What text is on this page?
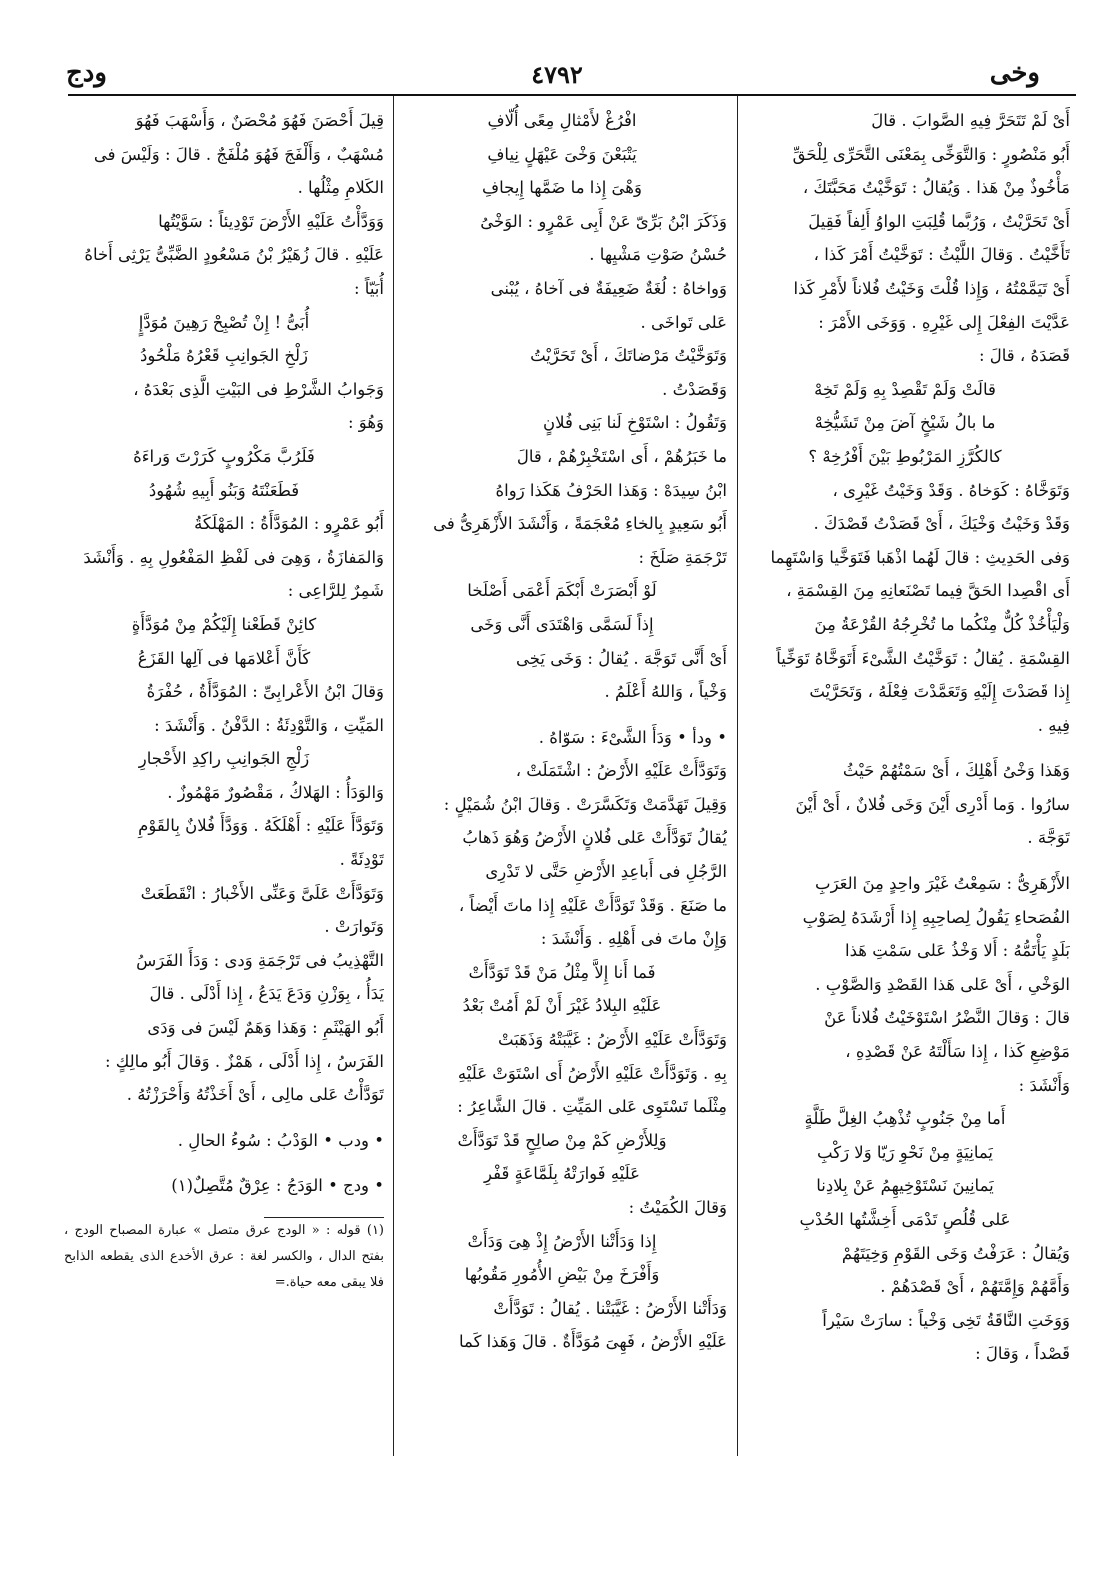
وخى
٤٧٩٢
ودج

أَىْ لَمْ تَتَحَرَّ فِيهِ الصَّوابَ . قالَ

أَبُو مَنْصُورٍ : وَالتَّوَخِّى بِمَعْنَى التَّحَرِّى لِلْحَقِّ

مَأْخُوذٌ مِنْ هَذا . وَيُقالُ : تَوَخَّيْتُ مَحَبَّتَكَ ،

أَىْ تَحَرَّيْتُ ، وَرُبَّما قُلِبَتِ الواوُ أَلِفاً فَقِيلَ

تَأَخَّيْتُ . وَقالَ اللَّيْثُ : تَوَخَّيْتُ أَمْرَ كَذا ،

أَىْ تَيَمَّمْتُهُ ، وَإِذا قُلْتَ وَخَيْتُ فُلاناً لأَمْرِ كَذا

عَدَّيْتَ الفِعْلَ إِلى غَيْرِهِ . وَوَخَى الأَمْرَ :

قَصَدَهُ ، قالَ :

قالَتْ وَلَمْ تَقْصِدْ بِهِ وَلَمْ تَخِهْ

ما بالُ شَيْخٍ آضَ مِنْ تَشَيُّخِهْ

كالكُرَّزِ المَرْبُوطِ بَيْنَ أَفْرُخِهْ ؟

وَتَوَخَّاهُ : كَوَخاهُ . وَقَدْ وَخَيْتُ غَيْرِى ،

وَقَدْ وَخَيْتُ وَخْيَكَ ، أَىْ قَصَدْتُ قَصْدَكَ .

وَفى الحَدِيثِ : قالَ لَهُما اذْهَبا فَتَوَخَّيا وَاسْتَهِما

أَى اقْصِدا الحَقَّ فِيما تَصْنَعانِهِ مِنَ القِسْمَةِ ،

وَلْيَأْخُذْ كُلٌّ مِنْكُما ما تُخْرِجُهُ القُرْعَةُ مِنَ

القِسْمَةِ . يُقالُ : تَوَخَّيْتُ الشَّىْءَ أَتَوَخَّاهُ تَوَخِّياً

إِذا قَصَدْتَ إِلَيْهِ وَتَعَمَّدْتَ فِعْلَهُ ، وَتَحَرَّيْتَ

فِيهِ .

وَهَذا وَخْىُ أَهْلِكَ ، أَىْ سَمْتُهُمْ حَيْثُ

سارُوا . وَما أَدْرِى أَيْنَ وَخَى فُلانٌ ، أَىْ أَيْنَ

تَوَجَّهَ .

الأَزْهَرِىُّ : سَمِعْتُ غَيْرَ واحِدٍ مِنَ العَرَبِ

الفُصَحاءِ يَقُولُ لِصاحِبِهِ إِذا أَرْشَدَهُ لِصَوْبِ

بَلَدٍ يَأْتَمُّهُ : أَلا وَخْذُ عَلى سَمْتِ هَذا

الوَخْىِ ، أَىْ عَلى هَذا القَصْدِ وَالصَّوْبِ .

قالَ : وَقالَ النَّضْرُ اسْتَوْخَيْتُ فُلاناً عَنْ

مَوْضِعِ كَذا ، إِذا سَأَلْتَهُ عَنْ قَصْدِهِ ،

وَأَنْشَدَ :

أَما مِنْ جَنُوبٍ تُذْهِبُ الغِلَّ طَلَّةٍ

يَمانِيَةٍ مِنْ نَحْوِ رَيّا وَلا رَكْبِ

يَمانِينَ نَسْتَوْخِيهِمُ عَنْ بِلادِنا

عَلى قُلُصٍ تَدْمَى أَخِشَّتُها الحُدْبِ

وَيُقالُ : عَرَفْتُ وَخَى القَوْمِ وَخِيَتَهُمْ

وَأَمَّهُمْ وَإِمَّتَهُمْ ، أَىْ قَصْدَهُمْ .

وَوَخَتِ النَّاقَةُ تَخِى وَخْياً : سارَتْ سَيْراً

قَصْداً ، وَقالَ :

افْرُغْ لأَمْثالِ مِعًى أُلّافِ

يَتْبَعْنَ وَخْىَ عَيْهَلٍ نِيافِ

وَهْىَ إِذا ما ضَمَّها إِيجافِ

وَذَكَرَ ابْنُ بَرِّىّ عَنْ أَبِى عَمْرٍو : الوَخْىُ

حُسْنُ صَوْتِ مَشْيِها .

وَواخاهُ : لُغَةٌ ضَعِيفَةٌ فى آخاهُ ، يُبْنى

عَلى تَواخَى .

وَتَوَخَّيْتُ مَرْضاتَكَ ، أَىْ تَحَرَّيْتُ

وَقَصَدْتُ .

وَتَقُولُ : اسْتَوْخِ لَنا بَنِى فُلانٍ

ما خَبَرُهُمْ ، أَى اسْتَخْبِرْهُمْ ، قالَ

ابْنُ سِيدَهْ : وَهَذا الحَرْفُ هَكَذا رَواهُ

أَبُو سَعِيدٍ بِالخاءِ مُعْجَمَةً ، وَأَنْشَدَ الأَزْهَرِىُّ فى

تَرْجَمَةِ صَلَخَ :

لَوْ أَبْصَرَتْ أَبْكَمَ أَعْمَى أَصْلَخا

إِذاً لَسَمَّى وَاهْتَدَى أَنَّى وَخَى

أَىْ أَنَّى تَوَجَّهَ . يُقالُ : وَخَى يَخِى

وَخْياً ، وَاللهُ أَعْلَمُ .

• ودأ • وَدَأَ الشَّىْءَ : سَوّاهُ .

وَتَوَدَّأَتْ عَلَيْهِ الأَرْضُ : اشْتَمَلَتْ ،

وَقِيلَ تَهَدَّمَتْ وَتَكَسَّرَتْ . وَقالَ ابْنُ شُمَيْلٍ :

يُقالُ تَوَدَّأَتْ عَلى فُلانٍ الأَرْضُ وَهُوَ ذَهابُ

الرَّجُلِ فى أَباعِدِ الأَرْضِ حَتَّى لا تَدْرِى

ما صَنَعَ . وَقَدْ تَوَدَّأَتْ عَلَيْهِ إِذا ماتَ أَيْضاً ،

وَإِنْ ماتَ فى أَهْلِهِ . وَأَنْشَدَ :

فَما أَنا إِلاَّ مِثْلُ مَنْ قَدْ تَوَدَّأَتْ

عَلَيْهِ البِلادُ غَيْرَ أَنْ لَمْ أَمُتْ بَعْدُ

وَتَوَدَّأَتْ عَلَيْهِ الأَرْضُ : غَيَّبَتْهُ وَذَهَبَتْ

بِهِ . وَتَوَدَّأَتْ عَلَيْهِ الأَرْضُ أَى اسْتَوَتْ عَلَيْهِ

مِثْلَما تَسْتَوِى عَلى المَيِّتِ . قالَ الشَّاعِرُ :

وَلِلأَرْضِ كَمْ مِنْ صالِحٍ قَدْ تَوَدَّأَتْ

عَلَيْهِ فَوارَتْهُ بِلَمَّاعَةٍ قَفْرِ

وَقالَ الكُمَيْتُ :

إِذا وَدَأَتْنا الأَرْضُ إِذْ هِىَ وَدَأَتْ

وَأَفْرَخَ مِنْ بَيْضِ الأُمُورِ مَقُوبُها

وَدَأَتْنا الأَرْضُ : غَيَّبَتْنا . يُقالُ : تَوَدَّأَتْ

عَلَيْهِ الأَرْضُ ، فَهِىَ مُوَدَّأَةٌ . قالَ وَهَذا كَما

قِيلَ أَحْصَنَ فَهُوَ مُحْصَنٌ ، وَأَسْهَبَ فَهُوَ

مُسْهَبٌ ، وَأَلْفَجَ فَهُوَ مُلْفَجٌ . قالَ : وَلَيْسَ فى

الكَلامِ مِثْلُها .

وَوَدَّأْتُ عَلَيْهِ الأَرْضَ تَوْدِيئاً : سَوَّيْتُها

عَلَيْهِ . قالَ زُهَيْرُ بْنُ مَسْعُودٍ الضَّبِّىُّ يَرْثِى أَخاهُ

أُبَيّاً :

أُبَىُّ ! إِنْ تُصْبِحْ رَهِينَ مُوَدَّإٍ

زَلْخِ الجَوانِبِ قَعْرُهُ مَلْحُودُ

وَجَوابُ الشَّرْطِ فى البَيْتِ الَّذِى بَعْدَهُ ،

وَهُوَ :

فَلَرُبَّ مَكْرُوبٍ كَرَرْتَ وَراءَهُ

فَطَعَنْتَهُ وَبَنُو أَبِيهِ شُهُودُ

أَبُو عَمْرٍو : المُوَدَّأَةُ : المَهْلَكَةُ

وَالمَفازَةُ ، وَهِىَ فى لَفْظِ المَفْعُولِ بِهِ . وَأَنْشَدَ

شَمِرٌ لِلرَّاعِى :

كائِنْ قَطَعْنا إِلَيْكُمْ مِنْ مُوَدَّأَةٍ

كَأَنَّ أَعْلامَها فى آلِها القَزَعُ

وَقالَ ابْنُ الأَعْرابِىِّ : المُوَدَّأَةُ ، حُفْرَةُ

المَيِّتِ ، وَالتَّوْدِئَةُ : الدَّفْنُ . وَأَنْشَدَ :

زَلْجِ الجَوانِبِ راكِدِ الأَحْجارِ

وَالوَدَأُ : الهَلاكُ ، مَقْصُورٌ مَهْمُوزٌ .

وَتَوَدَّأَ عَلَيْهِ : أَهْلَكَهُ . وَوَدَّأَ فُلانٌ بِالقَوْمِ

تَوْدِئَةً .

وَتَوَدَّأَتْ عَلَىَّ وَعَنِّى الأَخْبارُ : انْقَطَعَتْ

وَتَوارَتْ .

التَّهْذِيبُ فى تَرْجَمَةِ وَدى : وَدَأَ الفَرَسُ

يَدَأُ ، بِوَزْنِ وَدَعَ يَدَعُ ، إِذا أَدْلَى . قالَ

أَبُو الهَيْثَمِ : وَهَذا وَهَمٌ لَيْسَ فى وَدَى

الفَرَسُ ، إِذا أَدْلَى ، هَمْزٌ . وَقالَ أَبُو مالِكٍ :

تَوَدَّأْتُ عَلى مالِى ، أَىْ أَخَذْتُهُ وَأَحْرَزْتُهُ .

• ودب • الوَدْبُ : سُوءُ الحالِ .

• ودج • الوَدَجُ : عِرْقٌ مُتَّصِلٌ(١)

(١) قوله : « الودج عرق متصل » عبارة المصباح الودج ، بفتح الدال ، والكسر لغة : عرق الأخدع الذى يقطعه الذابح فلا يبقى معه حياة.=
